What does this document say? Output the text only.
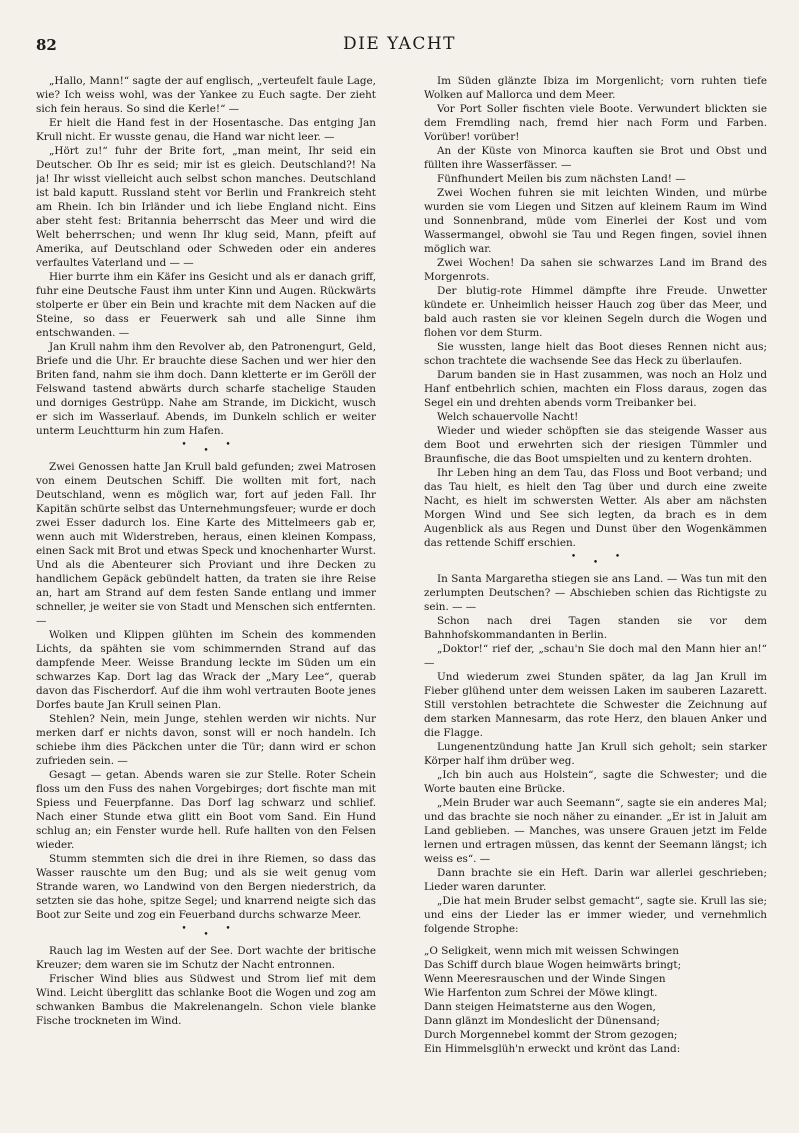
82	DIE YACHT

„Hallo, Mann!“ sagte der auf englisch, „verteufelt faule Lage, wie? Ich weiss wohl, was der Yankee zu Euch sagte. Der zieht sich fein heraus. So sind die Kerle!“ —

Er hielt die Hand fest in der Hosentasche. Das entging Jan Krull nicht. Er wusste genau, die Hand war nicht leer. —

„Hört zu!“ fuhr der Brite fort, „man meint, Ihr seid ein Deutscher. Ob Ihr es seid; mir ist es gleich. Deutschland?! Na ja! Ihr wisst vielleicht auch selbst schon manches. Deutschland ist bald kaputt. Russland steht vor Berlin und Frankreich steht am Rhein. Ich bin Irländer und ich liebe England nicht. Eins aber steht fest: Britannia beherrscht das Meer und wird die Welt beherrschen; und wenn Ihr klug seid, Mann, pfeift auf Amerika, auf Deutschland oder Schweden oder ein anderes verfaultes Vaterland und — —

Hier burrte ihm ein Käfer ins Gesicht und als er danach griff, fuhr eine Deutsche Faust ihm unter Kinn und Augen. Rückwärts stolperte er über ein Bein und krachte mit dem Nacken auf die Steine, so dass er Feuerwerk sah und alle Sinne ihm entschwanden. —

Jan Krull nahm ihm den Revolver ab, den Patronengurt, Geld, Briefe und die Uhr. Er brauchte diese Sachen und wer hier den Briten fand, nahm sie ihm doch. Dann kletterte er im Geröll der Felswand tastend abwärts durch scharfe stachelige Stauden und dorniges Gestrüpp. Nahe am Strande, im Dickicht, wusch er sich im Wasserlauf. Abends, im Dunkeln schlich er weiter unterm Leuchtturm hin zum Hafen.

•••

Zwei Genossen hatte Jan Krull bald gefunden; zwei Matrosen von einem Deutschen Schiff. Die wollten mit fort, nach Deutschland, wenn es möglich war, fort auf jeden Fall. Ihr Kapitän schürte selbst das Unternehmungsfeuer; wurde er doch zwei Esser dadurch los. Eine Karte des Mittelmeers gab er, wenn auch mit Widerstreben, heraus, einen kleinen Kompass, einen Sack mit Brot und etwas Speck und knochenharter Wurst. Und als die Abenteurer sich Proviant und ihre Decken zu handlichem Gepäck gebündelt hatten, da traten sie ihre Reise an, hart am Strand auf dem festen Sande entlang und immer schneller, je weiter sie von Stadt und Menschen sich entfernten. —

Wolken und Klippen glühten im Schein des kommenden Lichts, da spähten sie vom schimmernden Strand auf das dampfende Meer. Weisse Brandung leckte im Süden um ein schwarzes Kap. Dort lag das Wrack der „Mary Lee“, querab davon das Fischerdorf. Auf die ihm wohl vertrauten Boote jenes Dorfes baute Jan Krull seinen Plan.

Stehlen? Nein, mein Junge, stehlen werden wir nichts. Nur merken darf er nichts davon, sonst will er noch handeln. Ich schiebe ihm dies Päckchen unter die Tür; dann wird er schon zufrieden sein. —

Gesagt — getan. Abends waren sie zur Stelle. Roter Schein floss um den Fuss des nahen Vorgebirges; dort fischte man mit Spiess und Feuerpfanne. Das Dorf lag schwarz und schlief. Nach einer Stunde etwa glitt ein Boot vom Sand. Ein Hund schlug an; ein Fenster wurde hell. Rufe hallten von den Felsen wieder.

Stumm stemmten sich die drei in ihre Riemen, so dass das Wasser rauschte um den Bug; und als sie weit genug vom Strande waren, wo Landwind von den Bergen niederstrich, da setzten sie das hohe, spitze Segel; und knarrend neigte sich das Boot zur Seite und zog ein Feuerband durchs schwarze Meer.

•••

Rauch lag im Westen auf der See. Dort wachte der britische Kreuzer; dem waren sie im Schutz der Nacht entronnen.

Frischer Wind blies aus Südwest und Strom lief mit dem Wind. Leicht überglitt das schlanke Boot die Wogen und zog am schwanken Bambus die Makrelenangeln. Schon viele blanke Fische trockneten im Wind.

Im Süden glänzte Ibiza im Morgenlicht; vorn ruhten tiefe Wolken auf Mallorca und dem Meer.

Vor Port Soller fischten viele Boote. Verwundert blickten sie dem Fremdling nach, fremd hier nach Form und Farben. Vorüber! vorüber!

An der Küste von Minorca kauften sie Brot und Obst und füllten ihre Wasserfässer. —

Fünfhundert Meilen bis zum nächsten Land! —

Zwei Wochen fuhren sie mit leichten Winden, und mürbe wurden sie vom Liegen und Sitzen auf kleinem Raum im Wind und Sonnenbrand, müde vom Einerlei der Kost und vom Wassermangel, obwohl sie Tau und Regen fingen, soviel ihnen möglich war.

Zwei Wochen! Da sahen sie schwarzes Land im Brand des Morgenrots.

Der blutig-rote Himmel dämpfte ihre Freude. Unwetter kündete er. Unheimlich heisser Hauch zog über das Meer, und bald auch rasten sie vor kleinen Segeln durch die Wogen und flohen vor dem Sturm.

Sie wussten, lange hielt das Boot dieses Rennen nicht aus; schon trachtete die wachsende See das Heck zu überlaufen.

Darum banden sie in Hast zusammen, was noch an Holz und Hanf entbehrlich schien, machten ein Floss daraus, zogen das Segel ein und drehten abends vorm Treibanker bei.

Welch schauervolle Nacht!

Wieder und wieder schöpften sie das steigende Wasser aus dem Boot und erwehrten sich der riesigen Tümmler und Braunfische, die das Boot umspielten und zu kentern drohten.

Ihr Leben hing an dem Tau, das Floss und Boot verband; und das Tau hielt, es hielt den Tag über und durch eine zweite Nacht, es hielt im schwersten Wetter. Als aber am nächsten Morgen Wind und See sich legten, da brach es in dem Augenblick als aus Regen und Dunst über den Wogenkämmen das rettende Schiff erschien.

•••

In Santa Margaretha stiegen sie ans Land. — Was tun mit den zerlumpten Deutschen? — Abschieben schien das Richtigste zu sein. — —

Schon nach drei Tagen standen sie vor dem Bahnhofskommandanten in Berlin.

„Doktor!“ rief der, „schau'n Sie doch mal den Mann hier an!“ —

Und wiederum zwei Stunden später, da lag Jan Krull im Fieber glühend unter dem weissen Laken im sauberen Lazarett. Still verstohlen betrachtete die Schwester die Zeichnung auf dem starken Mannesarm, das rote Herz, den blauen Anker und die Flagge.

Lungenentzündung hatte Jan Krull sich geholt; sein starker Körper half ihm drüber weg.

„Ich bin auch aus Holstein“, sagte die Schwester; und die Worte bauten eine Brücke.

„Mein Bruder war auch Seemann“, sagte sie ein anderes Mal; und das brachte sie noch näher zu einander. „Er ist in Jaluit am Land geblieben. — Manches, was unsere Grauen jetzt im Felde lernen und ertragen müssen, das kennt der Seemann längst; ich weiss es“. —

Dann brachte sie ein Heft. Darin war allerlei geschrieben; Lieder waren darunter.

„Die hat mein Bruder selbst gemacht“, sagte sie. Krull las sie; und eins der Lieder las er immer wieder, und vernehmlich folgende Strophe:

„O Seligkeit, wenn mich mit weissen Schwingen

Das Schiff durch blaue Wogen heimwärts bringt;

Wenn Meeresrauschen und der Winde Singen

Wie Harfenton zum Schrei der Möwe klingt.

Dann steigen Heimatsterne aus den Wogen,

Dann glänzt im Mondeslicht der Dünensand;

Durch Morgennebel kommt der Strom gezogen;

Ein Himmelsglüh'n erweckt und krönt das Land:
